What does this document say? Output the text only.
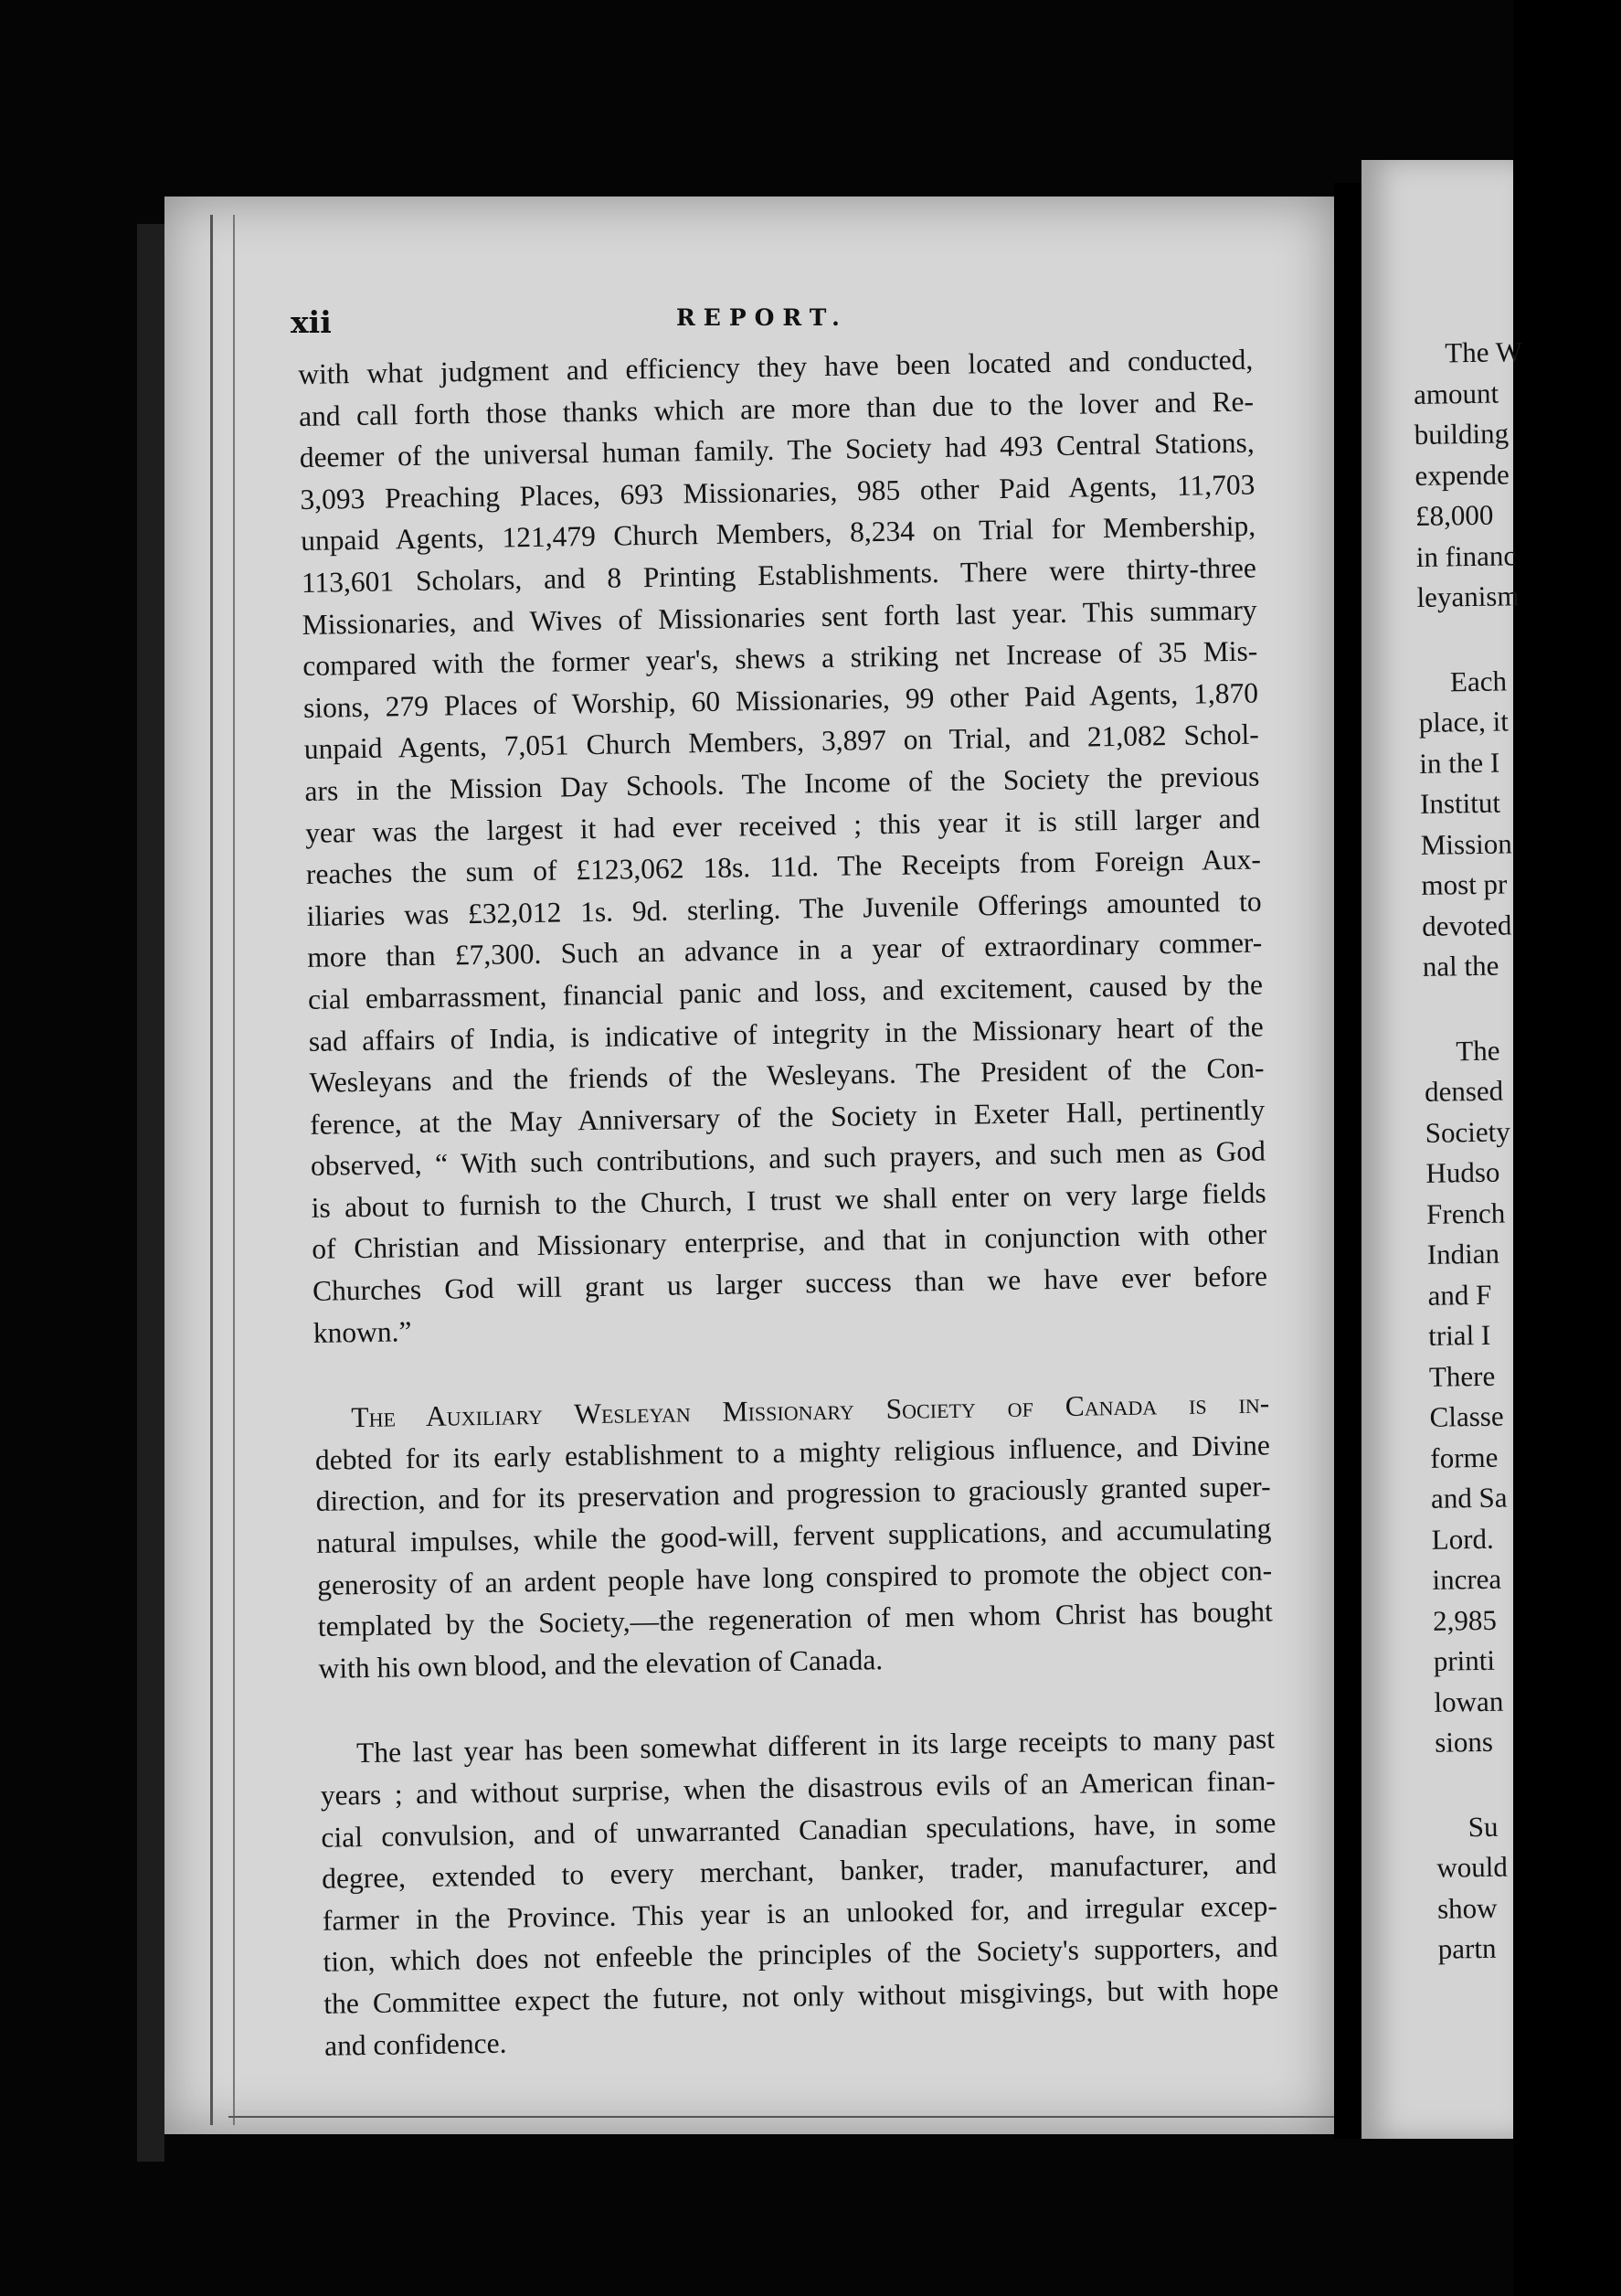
xii	REPORT.

with what judgment and efficiency they have been located and conducted,
and call forth those thanks which are more than due to the lover and Re-
deemer of the universal human family. The Society had 493 Central Stations,
3,093 Preaching Places, 693 Missionaries, 985 other Paid Agents, 11,703
unpaid Agents, 121,479 Church Members, 8,234 on Trial for Membership,
113,601 Scholars, and 8 Printing Establishments. There were thirty-three
Missionaries, and Wives of Missionaries sent forth last year. This summary
compared with the former year's, shews a striking net Increase of 35 Mis-
sions, 279 Places of Worship, 60 Missionaries, 99 other Paid Agents, 1,870
unpaid Agents, 7,051 Church Members, 3,897 on Trial, and 21,082 Schol-
ars in the Mission Day Schools. The Income of the Society the previous
year was the largest it had ever received ; this year it is still larger and
reaches the sum of £123,062 18s. 11d. The Receipts from Foreign Aux-
iliaries was £32,012 1s. 9d. sterling. The Juvenile Offerings amounted to
more than £7,300. Such an advance in a year of extraordinary commer-
cial embarrassment, financial panic and loss, and excitement, caused by the
sad affairs of India, is indicative of integrity in the Missionary heart of the
Wesleyans and the friends of the Wesleyans. The President of the Con-
ference, at the May Anniversary of the Society in Exeter Hall, pertinently
observed, “ With such contributions, and such prayers, and such men as God
is about to furnish to the Church, I trust we shall enter on very large fields
of Christian and Missionary enterprise, and that in conjunction with other
Churches God will grant us larger success than we have ever before
known.”

The Auxiliary Wesleyan Missionary Society of Canada is in-
debted for its early establishment to a mighty religious influence, and Divine
direction, and for its preservation and progression to graciously granted super-
natural impulses, while the good-will, fervent supplications, and accumulating
generosity of an ardent people have long conspired to promote the object con-
templated by the Society,—the regeneration of men whom Christ has bought
with his own blood, and the elevation of Canada.

The last year has been somewhat different in its large receipts to many past
years ; and without surprise, when the disastrous evils of an American finan-
cial convulsion, and of unwarranted Canadian speculations, have, in some
degree, extended to every merchant, banker, trader, manufacturer, and
farmer in the Province. This year is an unlooked for, and irregular excep-
tion, which does not enfeeble the principles of the Society's supporters, and
the Committee expect the future, not only without misgivings, but with hope
and confidence.

The W
amount
building
expende
£8,000
in financ
leyanism
Each
place, it
in the I
Institut
Mission
most pr
devoted
nal the
The
densed
Society
Hudso
French
Indian
and F
trial I
There
Classe
forme
and Sa
Lord.
increa
2,985
printi
lowan
sions
Su
would
show
partn
